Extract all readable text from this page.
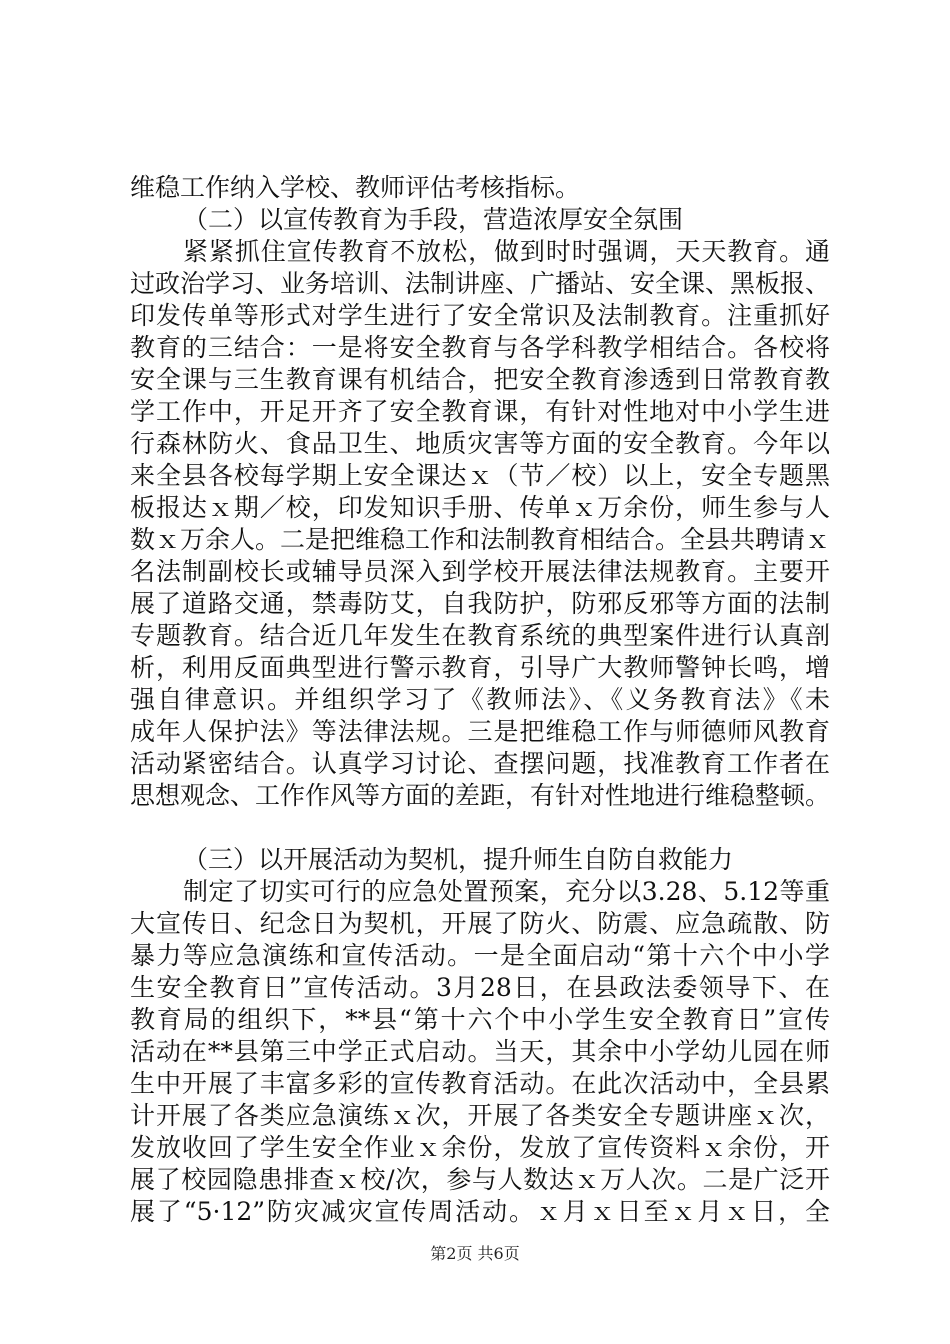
维稳工作纳入学校、教师评估考核指标。
（二）以宣传教育为手段，营造浓厚安全氛围
紧紧抓住宣传教育不放松，做到时时强调，天天教育。通
过政治学习、业务培训、法制讲座、广播站、安全课、黑板报、
印发传单等形式对学生进行了安全常识及法制教育。注重抓好
教育的三结合：一是将安全教育与各学科教学相结合。各校将
安全课与三生教育课有机结合，把安全教育渗透到日常教育教
学工作中，开足开齐了安全教育课，有针对性地对中小学生进
行森林防火、食品卫生、地质灾害等方面的安全教育。今年以
来全县各校每学期上安全课达ｘ（节／校）以上，安全专题黑
板报达ｘ期／校，印发知识手册、传单ｘ万余份，师生参与人
数ｘ万余人。二是把维稳工作和法制教育相结合。全县共聘请ｘ
名法制副校长或辅导员深入到学校开展法律法规教育。主要开
展了道路交通，禁毒防艾，自我防护，防邪反邪等方面的法制
专题教育。结合近几年发生在教育系统的典型案件进行认真剖
析，利用反面典型进行警示教育，引导广大教师警钟长鸣，增
强自律意识。并组织学习了《教师法》、《义务教育法》《未
成年人保护法》等法律法规。三是把维稳工作与师德师风教育
活动紧密结合。认真学习讨论、查摆问题，找准教育工作者在
思想观念、工作作风等方面的差距，有针对性地进行维稳整顿。
（三）以开展活动为契机，提升师生自防自救能力
制定了切实可行的应急处置预案，充分以3.28、5.12等重
大宣传日、纪念日为契机，开展了防火、防震、应急疏散、防
暴力等应急演练和宣传活动。一是全面启动“第十六个中小学
生安全教育日”宣传活动。3月28日，在县政法委领导下、在
教育局的组织下，**县“第十六个中小学生安全教育日”宣传
活动在**县第三中学正式启动。当天，其余中小学幼儿园在师
生中开展了丰富多彩的宣传教育活动。在此次活动中，全县累
计开展了各类应急演练ｘ次，开展了各类安全专题讲座ｘ次，
发放收回了学生安全作业ｘ余份，发放了宣传资料ｘ余份，开
展了校园隐患排查ｘ校/次，参与人数达ｘ万人次。二是广泛开
展了“5·12”防灾减灾宣传周活动。ｘ月ｘ日至ｘ月ｘ日，全
第2页 共6页
